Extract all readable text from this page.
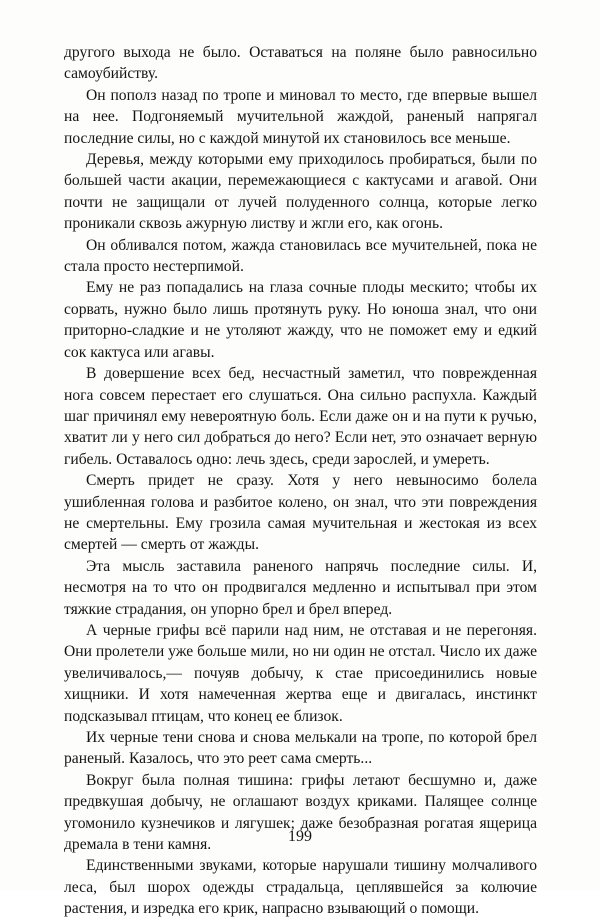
другого выхода не было. Оставаться на поляне было равносильно самоубийству.

Он пополз назад по тропе и миновал то место, где впервые вышел на нее. Подгоняемый мучительной жаждой, раненый напрягал последние силы, но с каждой минутой их становилось все меньше.

Деревья, между которыми ему приходилось пробираться, были по большей части акации, перемежающиеся с кактусами и агавой. Они почти не защищали от лучей полуденного солнца, которые легко проникали сквозь ажурную листву и жгли его, как огонь.

Он обливался потом, жажда становилась все мучительней, пока не стала просто нестерпимой.

Ему не раз попадались на глаза сочные плоды мескито; чтобы их сорвать, нужно было лишь протянуть руку. Но юноша знал, что они приторно-сладкие и не утоляют жажду, что не поможет ему и едкий сок кактуса или агавы.

В довершение всех бед, несчастный заметил, что поврежденная нога совсем перестает его слушаться. Она сильно распухла. Каждый шаг причинял ему невероятную боль. Если даже он и на пути к ручью, хватит ли у него сил добраться до него? Если нет, это означает верную гибель. Оставалось одно: лечь здесь, среди зарослей, и умереть.

Смерть придет не сразу. Хотя у него невыносимо болела ушибленная голова и разбитое колено, он знал, что эти повреждения не смертельны. Ему грозила самая мучительная и жестокая из всех смертей — смерть от жажды.

Эта мысль заставила раненого напрячь последние силы. И, несмотря на то что он продвигался медленно и испытывал при этом тяжкие страдания, он упорно брел и брел вперед.

А черные грифы всё парили над ним, не отставая и не перегоняя. Они пролетели уже больше мили, но ни один не отстал. Число их даже увеличивалось,— почуяв добычу, к стае присоединились новые хищники. И хотя намеченная жертва еще и двигалась, инстинкт подсказывал птицам, что конец ее близок.

Их черные тени снова и снова мелькали на тропе, по которой брел раненый. Казалось, что это реет сама смерть...

Вокруг была полная тишина: грифы летают бесшумно и, даже предвкушая добычу, не оглашают воздух криками. Палящее солнце угомонило кузнечиков и лягушек; даже безобразная рогатая ящерица дремала в тени камня.

Единственными звуками, которые нарушали тишину молчаливого леса, был шорох одежды страдальца, цеплявшейся за колючие растения, и изредка его крик, напрасно взывающий о помощи.

199
